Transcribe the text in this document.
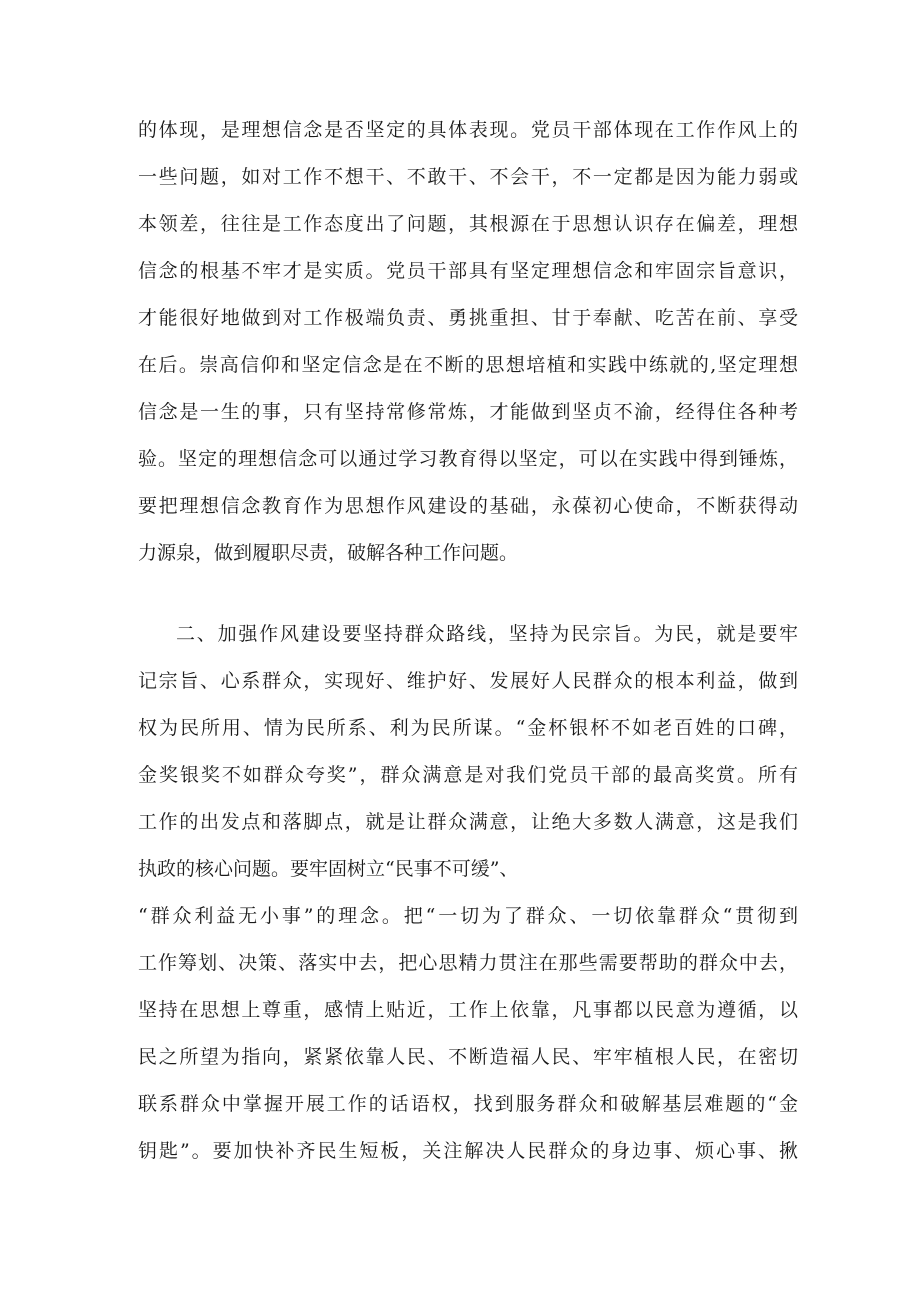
的体现，是理想信念是否坚定的具体表现。党员干部体现在工作作风上的
一些问题，如对工作不想干、不敢干、不会干，不一定都是因为能力弱或
本领差，往往是工作态度出了问题，其根源在于思想认识存在偏差，理想
信念的根基不牢才是实质。党员干部具有坚定理想信念和牢固宗旨意识，
才能很好地做到对工作极端负责、勇挑重担、甘于奉献、吃苦在前、享受
在后。崇高信仰和坚定信念是在不断的思想培植和实践中练就的,坚定理想
信念是一生的事，只有坚持常修常炼，才能做到坚贞不渝，经得住各种考
验。坚定的理想信念可以通过学习教育得以坚定，可以在实践中得到锤炼，
要把理想信念教育作为思想作风建设的基础，永葆初心使命，不断获得动
力源泉，做到履职尽责，破解各种工作问题。
二、加强作风建设要坚持群众路线，坚持为民宗旨。为民，就是要牢
记宗旨、心系群众，实现好、维护好、发展好人民群众的根本利益，做到
权为民所用、情为民所系、利为民所谋。“金杯银杯不如老百姓的口碑，
金奖银奖不如群众夸奖”，群众满意是对我们党员干部的最高奖赏。所有
工作的出发点和落脚点，就是让群众满意，让绝大多数人满意，这是我们
执政的核心问题。要牢固树立“民事不可缓”、
“群众利益无小事”的理念。把“一切为了群众、一切依靠群众“贯彻到
工作筹划、决策、落实中去，把心思精力贯注在那些需要帮助的群众中去，
坚持在思想上尊重，感情上贴近，工作上依靠，凡事都以民意为遵循，以
民之所望为指向，紧紧依靠人民、不断造福人民、牢牢植根人民，在密切
联系群众中掌握开展工作的话语权，找到服务群众和破解基层难题的“金
钥匙”。要加快补齐民生短板，关注解决人民群众的身边事、烦心事、揪
